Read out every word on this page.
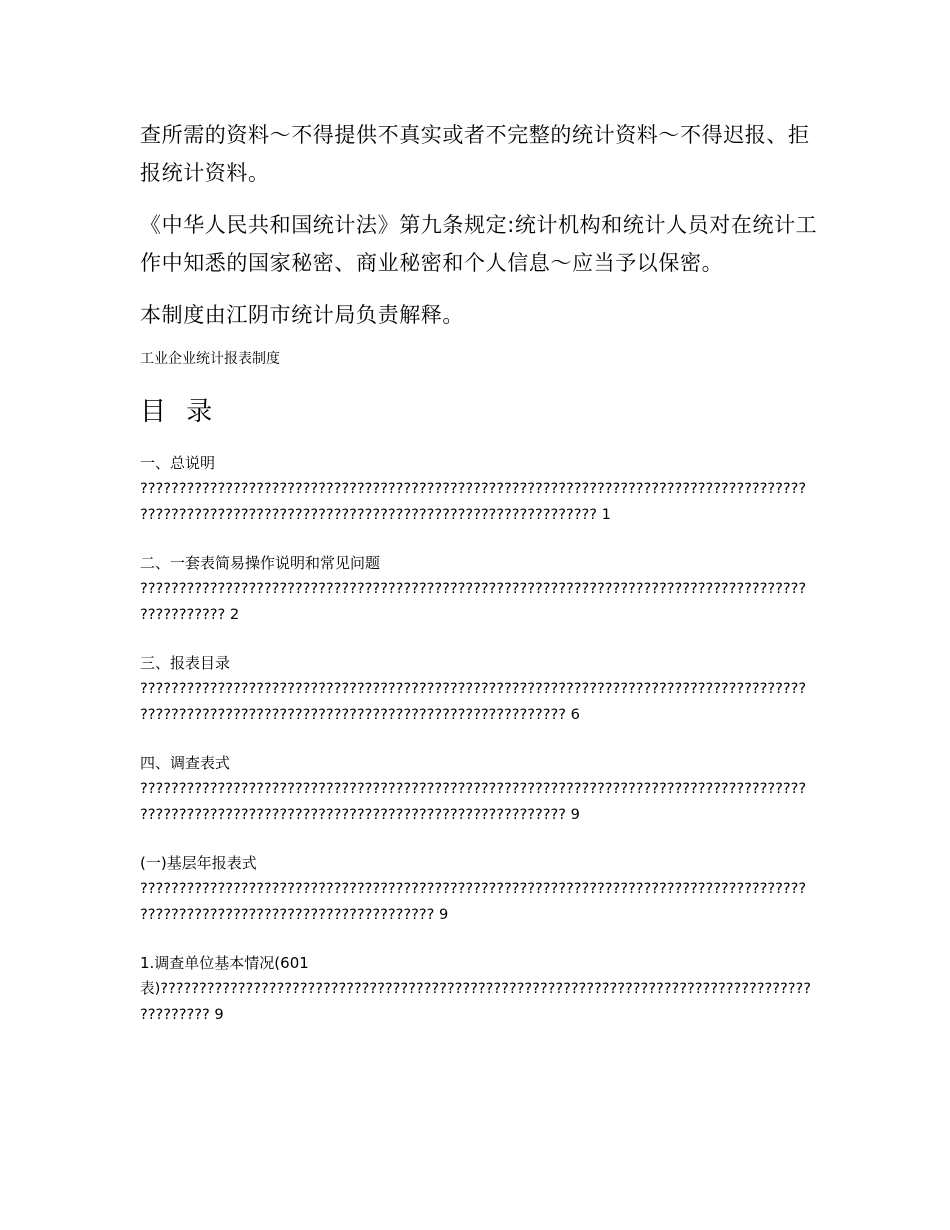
查所需的资料～不得提供不真实或者不完整的统计资料～不得迟报、拒报统计资料。

《中华人民共和国统计法》第九条规定:统计机构和统计人员对在统计工作中知悉的国家秘密、商业秘密和个人信息～应当予以保密。

本制度由江阴市统计局负责解释。

工业企业统计报表制度
目 录
一、总说明
????????????????????????????????????????????????????????????????????????????????????????????????????????????????????????????????????????????????? 1
二、一套表简易操作说明和常见问题
????????????????????????????????????????????????????????????????????????????????????????????????? 2
三、报表目录
????????????????????????????????????????????????????????????????????????????????????????????????????????????????????????????????????????????? 6
四、调查表式
????????????????????????????????????????????????????????????????????????????????????????????????????????????????????????????????????????????? 9
(一)基层年报表式
???????????????????????????????????????????????????????????????????????????????????????????????????????????????????????????? 9
1.调查单位基本情况(601
表)????????????????????????????????????????????????????????????????????????????????????????????? 9
